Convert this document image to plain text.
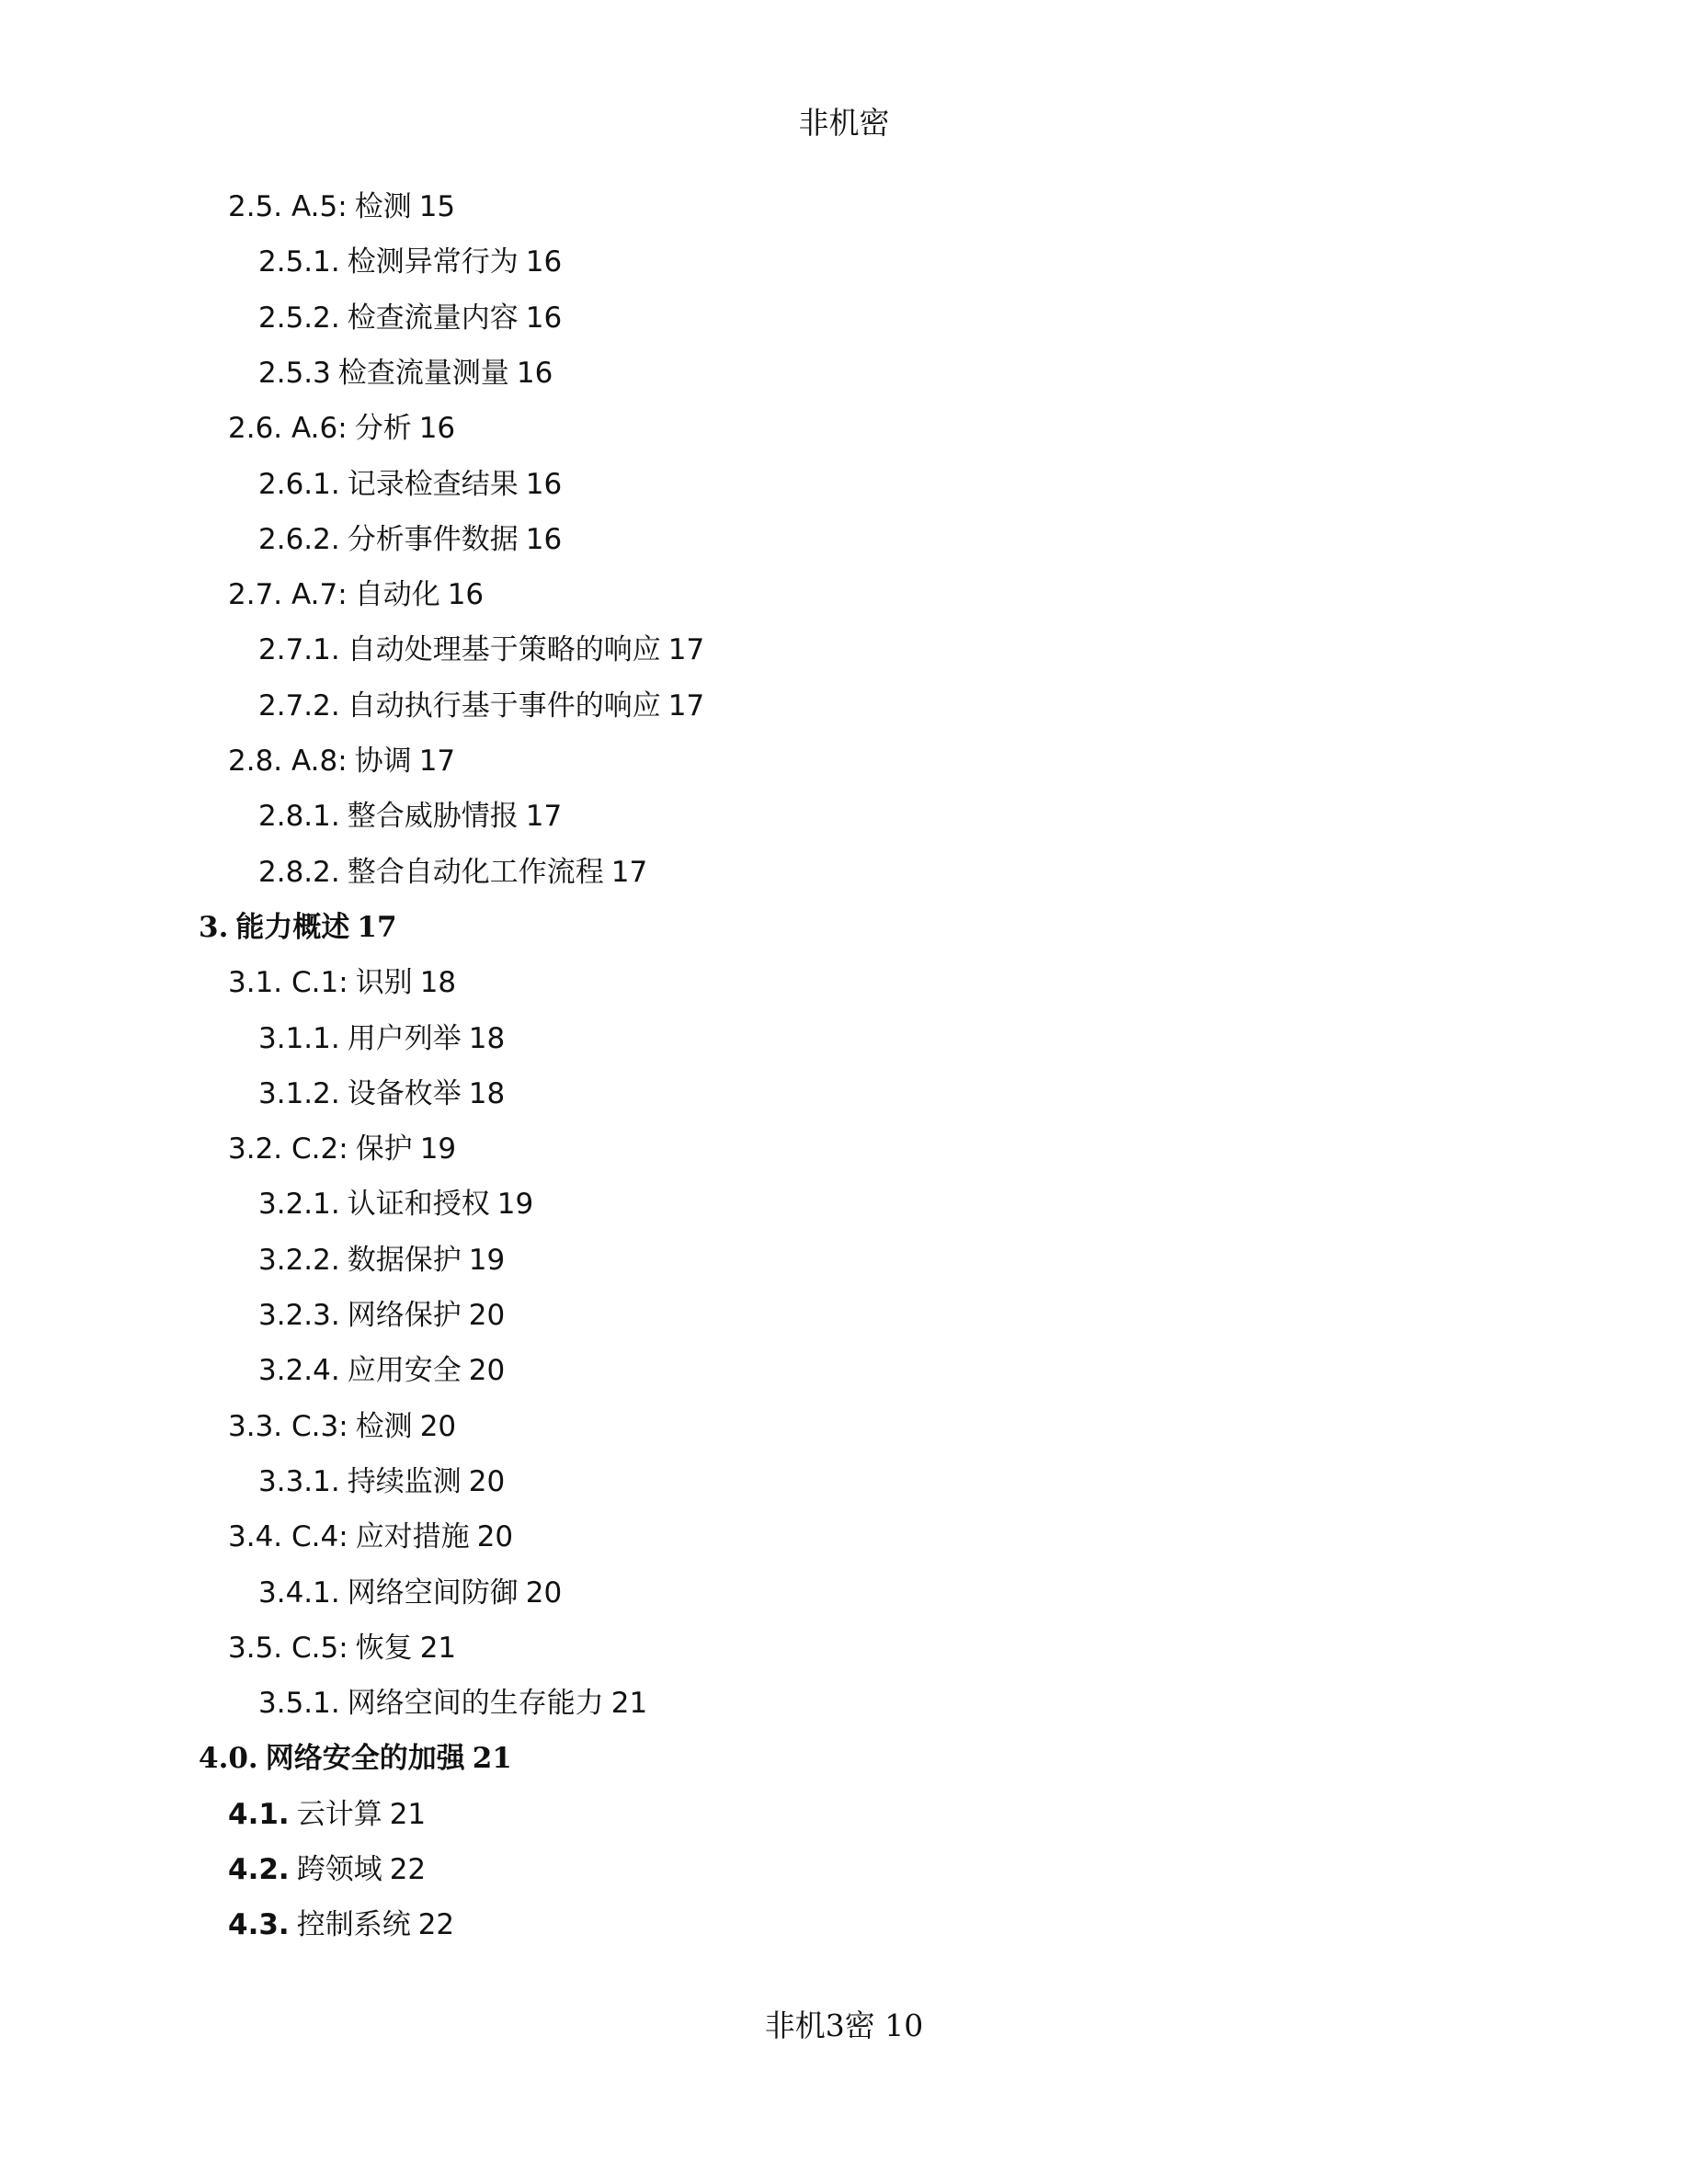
非机密
2.5. A.5: 检测 15
2.5.1. 检测异常行为 16
2.5.2. 检查流量内容 16
2.5.3 检查流量测量 16
2.6. A.6: 分析 16
2.6.1. 记录检查结果 16
2.6.2. 分析事件数据 16
2.7. A.7: 自动化 16
2.7.1. 自动处理基于策略的响应 17
2.7.2. 自动执行基于事件的响应 17
2.8. A.8: 协调 17
2.8.1. 整合威胁情报 17
2.8.2. 整合自动化工作流程 17
3. 能力概述 17
3.1. C.1: 识别 18
3.1.1. 用户列举 18
3.1.2. 设备枚举 18
3.2. C.2: 保护 19
3.2.1. 认证和授权 19
3.2.2. 数据保护 19
3.2.3. 网络保护 20
3.2.4. 应用安全 20
3.3. C.3: 检测 20
3.3.1. 持续监测 20
3.4. C.4: 应对措施 20
3.4.1. 网络空间防御 20
3.5. C.5: 恢复 21
3.5.1. 网络空间的生存能力 21
4.0. 网络安全的加强 21
4.1. 云计算 21
4.2. 跨领域 22
4.3. 控制系统 22
非机3密 10
